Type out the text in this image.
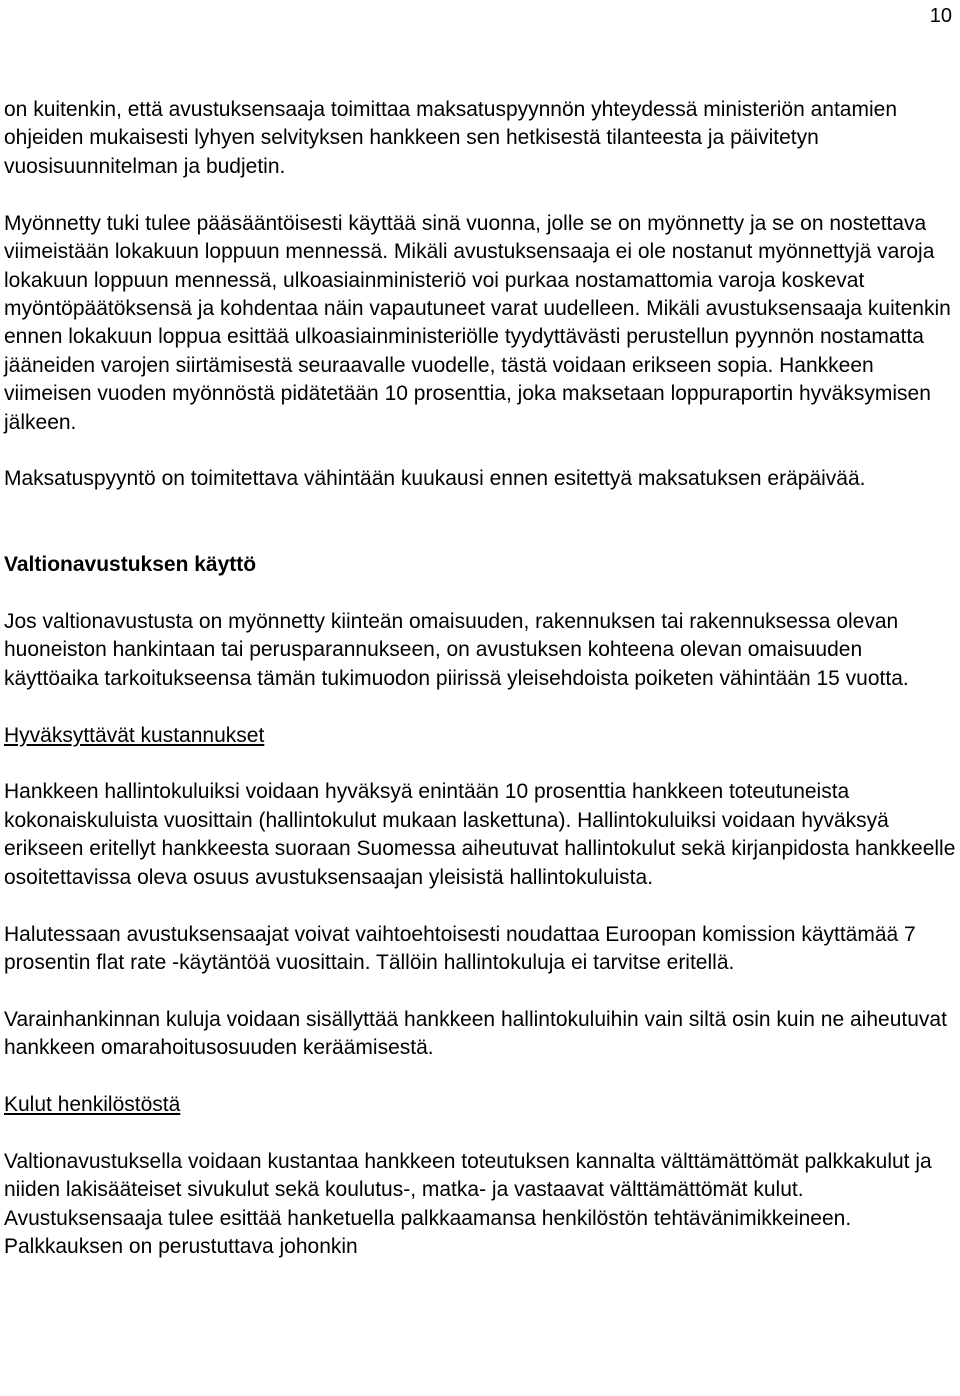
10

on kuitenkin, että avustuksensaaja toimittaa maksatuspyynnön yhteydessä ministeriön antamien ohjeiden mukaisesti lyhyen selvityksen hankkeen sen hetkisestä tilanteesta ja päivitetyn vuosisuunnitelman ja budjetin.

Myönnetty tuki tulee pääsääntöisesti käyttää sinä vuonna, jolle se on myönnetty ja se on nostettava viimeistään lokakuun loppuun mennessä. Mikäli avustuksensaaja ei ole nostanut myönnettyjä varoja lokakuun loppuun mennessä, ulkoasiainministeriö voi purkaa nostamattomia varoja koskevat myöntöpäätöksensä ja kohdentaa näin vapautuneet varat uudelleen. Mikäli avustuksensaaja kuitenkin ennen lokakuun loppua esittää ulkoasiainministeriölle tyydyttävästi perustellun pyynnön nostamatta jääneiden varojen siirtämisestä seuraavalle vuodelle, tästä voidaan erikseen sopia. Hankkeen viimeisen vuoden myönnöstä pidätetään 10 prosenttia, joka maksetaan loppuraportin hyväksymisen jälkeen.

Maksatuspyyntö on toimitettava vähintään kuukausi ennen esitettyä maksatuksen eräpäivää.

Valtionavustuksen käyttö

Jos valtionavustusta on myönnetty kiinteän omaisuuden, rakennuksen tai rakennuksessa olevan huoneiston hankintaan tai perusparannukseen, on avustuksen kohteena olevan omaisuuden käyttöaika tarkoitukseensa tämän tukimuodon piirissä yleisehdoista poiketen vähintään 15 vuotta.

Hyväksyttävät kustannukset

Hankkeen hallintokuluiksi voidaan hyväksyä enintään 10 prosenttia hankkeen toteutuneista kokonaiskuluista vuosittain (hallintokulut mukaan laskettuna). Hallintokuluiksi voidaan hyväksyä erikseen eritellyt hankkeesta suoraan Suomessa aiheutuvat hallintokulut sekä kirjanpidosta hankkeelle osoitettavissa oleva osuus avustuksensaajan yleisistä hallintokuluista.

Halutessaan avustuksensaajat voivat vaihtoehtoisesti noudattaa Euroopan komission käyttämää 7 prosentin flat rate -käytäntöä vuosittain. Tällöin hallintokuluja ei tarvitse eritellä.

Varainhankinnan kuluja voidaan sisällyttää hankkeen hallintokuluihin vain siltä osin kuin ne aiheutuvat hankkeen omarahoitusosuuden keräämisestä.

Kulut henkilöstöstä

Valtionavustuksella voidaan kustantaa hankkeen toteutuksen kannalta välttämättömät palkkakulut ja niiden lakisääteiset sivukulut sekä koulutus-, matka- ja vastaavat välttämättömät kulut. Avustuksensaaja tulee esittää hanketuella palkkaamansa henkilöstön tehtävänimikkeineen. Palkkauksen on perustuttava johonkin
